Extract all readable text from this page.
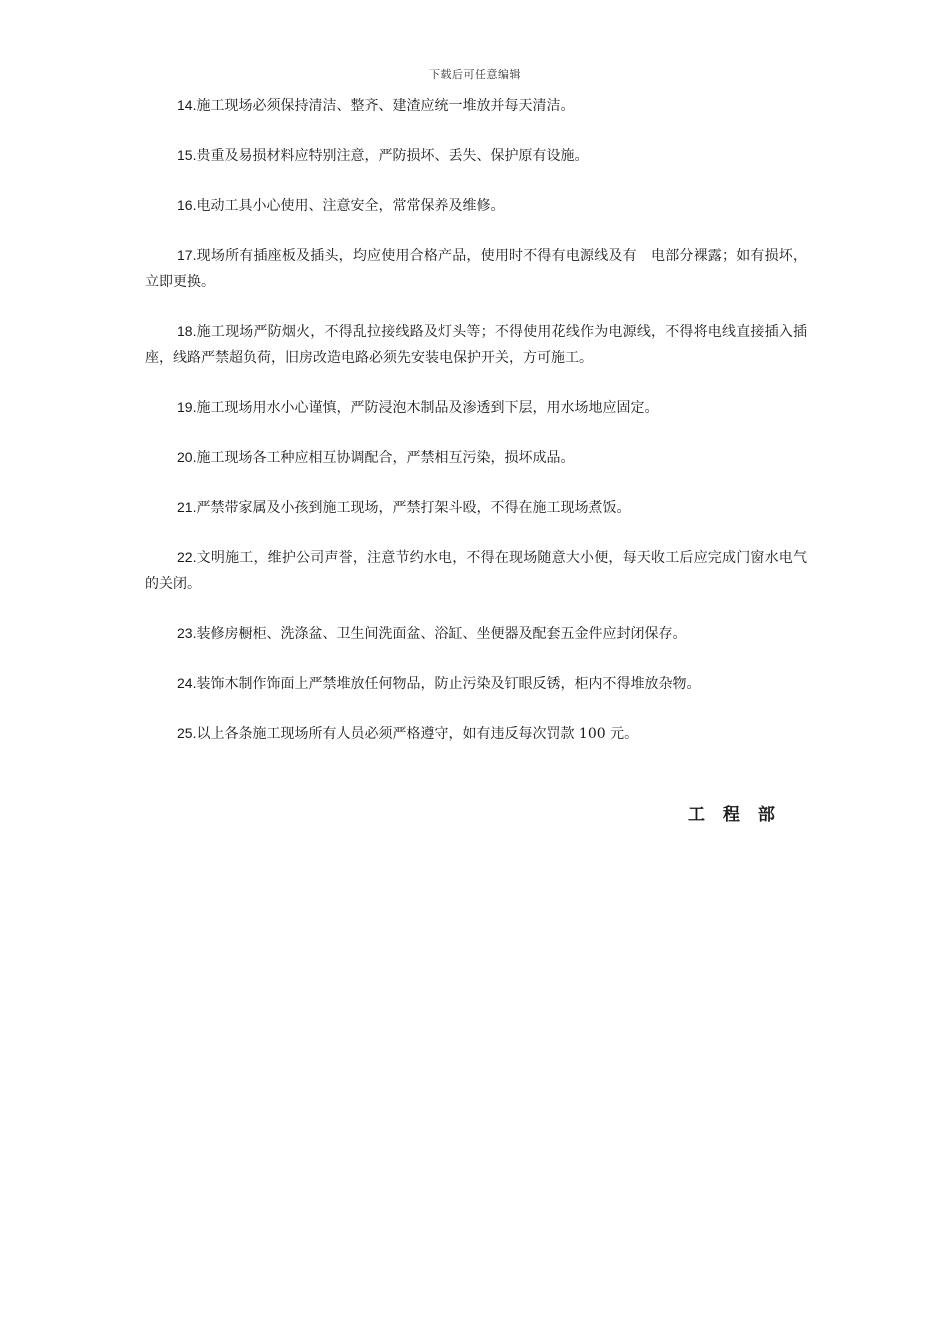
下载后可任意编辑

14.施工现场必须保持清洁、整齐、建渣应统一堆放并每天清洁。

15.贵重及易损材料应特别注意，严防损坏、丢失、保护原有设施。

16.电动工具小心使用、注意安全，常常保养及维修。

17.现场所有插座板及插头，均应使用合格产品，使用时不得有电源线及有　电部分裸露；如有损坏，立即更换。

18.施工现场严防烟火，不得乱拉接线路及灯头等；不得使用花线作为电源线，不得将电线直接插入插座，线路严禁超负荷，旧房改造电路必须先安装电保护开关，方可施工。

19.施工现场用水小心谨慎，严防浸泡木制品及渗透到下层，用水场地应固定。

20.施工现场各工种应相互协调配合，严禁相互污染，损坏成品。

21.严禁带家属及小孩到施工现场，严禁打架斗殴，不得在施工现场煮饭。

22.文明施工，维护公司声誉，注意节约水电，不得在现场随意大小便，每天收工后应完成门窗水电气的关闭。

23.装修房橱柜、洗涤盆、卫生间洗面盆、浴缸、坐便器及配套五金件应封闭保存。

24.装饰木制作饰面上严禁堆放任何物品，防止污染及钉眼反锈，柜内不得堆放杂物。

25.以上各条施工现场所有人员必须严格遵守，如有违反每次罚款 100 元。

工 程 部
